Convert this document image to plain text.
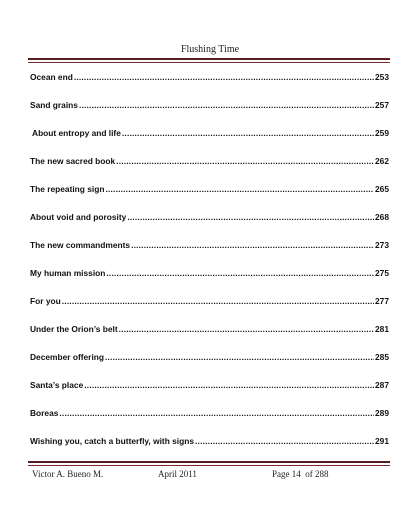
Flushing Time
Ocean end .....	253
Sand grains .....	257
About entropy and life .....	259
The new sacred book .....	262
The repeating sign .....	265
About void and porosity .....	268
The new commandments .....	273
My human mission .....	275
For you .....	277
Under the Orion’s belt .....	281
December offering .....	285
Santa’s place .....	287
Boreas .....	289
Wishing you, catch a butterfly, with signs .....	291
Victor A. Bueno M.	April 2011	Page 14  of 288
